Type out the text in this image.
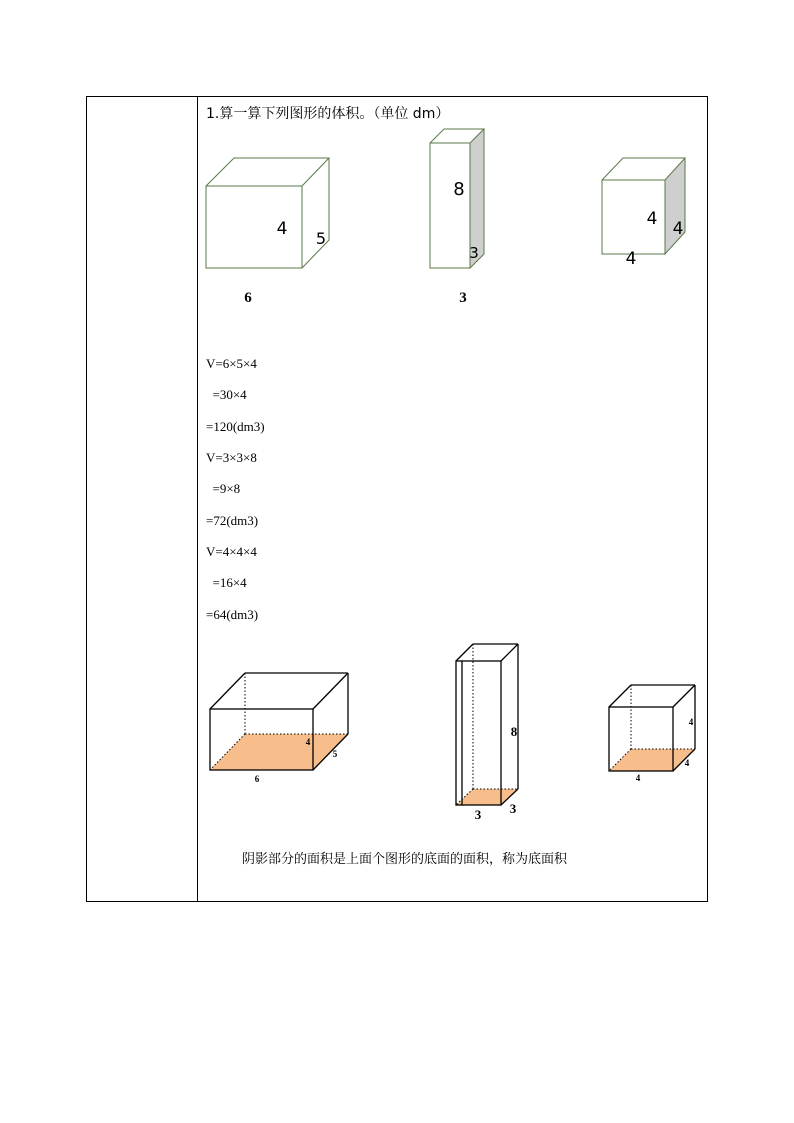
1.算一算下列图形的体积。（单位 dm）
4 5
6
8
3
3
4 4
4
4
5
6
8
3 3
4
4
4
V=6×5×4
=30×4
=120(dm3)
V=3×3×8
=9×8
=72(dm3)
V=4×4×4
=16×4
=64(dm3)
阴影部分的面积是上面个图形的底面的面积，称为底面积
